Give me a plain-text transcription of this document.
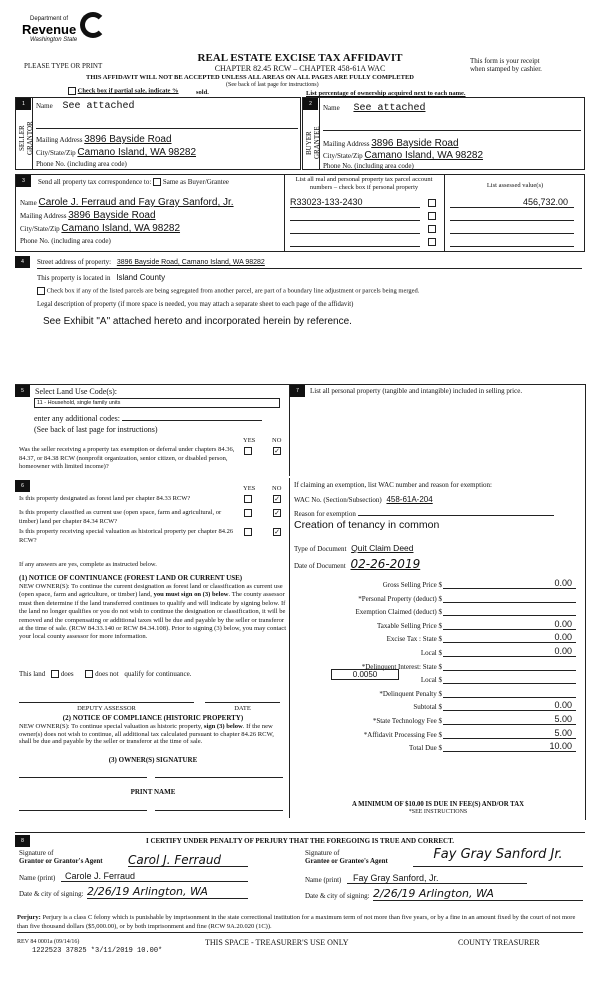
Department of
Revenue
Washington State
REAL ESTATE EXCISE TAX AFFIDAVIT
CHAPTER 82.45 RCW – CHAPTER 458-61A WAC
PLEASE TYPE OR PRINT
This form is your receipt
when stamped by cashier.
THIS AFFIDAVIT WILL NOT BE ACCEPTED UNLESS ALL AREAS ON ALL PAGES ARE FULLY COMPLETED
(See back of last page for instructions)
Check box if partial sale, indicate %	sold.	List percentage of ownership acquired next to each name.
1
SELLER GRANTOR
Name See attached
Mailing Address 3896 Bayside Road
City/State/Zip Camano Island, WA 98282
Phone No. (including area code)
2
BUYER GRANTEE
Name See attached
Mailing Address 3896 Bayside Road
City/State/Zip Camano Island, WA 98282
Phone No. (including area code)
3	Send all property tax correspondence to: Same as Buyer/Grantee
Name Carole J. Ferraud and Fay Gray Sanford, Jr.
Mailing Address 3896 Bayside Road
City/State/Zip Camano Island, WA 98282
Phone No. (including area code)
List all real and personal property tax parcel account numbers – check box if personal property	List assessed value(s)
R33023-133-2430	456,732.00
4	Street address of property: 3896 Bayside Road, Camano Island, WA 98282
This property is located in Island County
Check box if any of the listed parcels are being segregated from another parcel, are part of a boundary line adjustment or parcels being merged.
Legal description of property (if more space is needed, you may attach a separate sheet to each page of the affidavit)
See Exhibit "A" attached hereto and incorporated herein by reference.
5	Select Land Use Code(s):
11 - Household, single family units
enter any additional codes:
(See back of last page for instructions)
YES	NO
Was the seller receiving a property tax exemption or deferral under chapters 84.36, 84.37, or 84.38 RCW (nonprofit organization, senior citizen, or disabled person, homeowner with limited income)?
✓
6	YES	NO
Is this property designated as forest land per chapter 84.33 RCW?	✓
Is this property classified as current use (open space, farm and agricultural, or timber) land per chapter 84.34 RCW?
✓
Is this property receiving special valuation as historical property per chapter 84.26 RCW?
✓
If any answers are yes, complete as instructed below.
(1) NOTICE OF CONTINUANCE (FOREST LAND OR CURRENT USE)
NEW OWNER(S): To continue the current designation as forest land or classification as current use (open space, farm and agriculture, or timber) land, you must sign on (3) below. The county assessor must then determine if the land transferred continues to qualify and will indicate by signing below. If the land no longer qualifies or you do not wish to continue the designation or classification, it will be removed and the compensating or additional taxes will be due and payable by the seller or transferor at the time of sale. (RCW 84.33.140 or RCW 84.34.108). Prior to signing (3) below, you may contact your local county assessor for more information.
This land does	does not qualify for continuance.
DEPUTY ASSESSOR	DATE
(2) NOTICE OF COMPLIANCE (HISTORIC PROPERTY)
NEW OWNER(S): To continue special valuation as historic property, sign (3) below. If the new owner(s) does not wish to continue, all additional tax calculated pursuant to chapter 84.26 RCW, shall be due and payable by the seller or transferor at the time of sale.
(3) OWNER(S) SIGNATURE
PRINT NAME
7	List all personal property (tangible and intangible) included in selling price.
If claiming an exemption, list WAC number and reason for exemption:
WAC No. (Section/Subsection) 458-61A-204
Reason for exemption
Creation of tenancy in common
Type of Document Quit Claim Deed
Date of Document 02-26-2019
Gross Selling Price $	0.00
*Personal Property (deduct) $
Exemption Claimed (deduct) $
Taxable Selling Price $	0.00
Excise Tax : State $	0.00
Local $	0.00
*Delinquent Interest: State $
Local $
*Delinquent Penalty $
Subtotal $	0.00
*State Technology Fee $	5.00
*Affidavit Processing Fee $	5.00
Total Due $	10.00
0.0050
A MINIMUM OF $10.00 IS DUE IN FEE(S) AND/OR TAX
*SEE INSTRUCTIONS
8	I CERTIFY UNDER PENALTY OF PERJURY THAT THE FOREGOING IS TRUE AND CORRECT.
Signature of
Grantor or Grantor's Agent Carol J. Ferraud
Name (print)	Carole J. Ferraud
Date & city of signing: 2/26/19 Arlington, WA
Signature of
Grantee or Grantee's Agent	Fay Gray Sanford Jr.
Name (print)	Fay Gray Sanford, Jr.
Date & city of signing: 2/26/19 Arlington, WA
Perjury: Perjury is a class C felony which is punishable by imprisonment in the state correctional institution for a maximum term of not more than five years, or by a fine in an amount fixed by the court of not more than five thousand dollars ($5,000.00), or by both imprisonment and fine (RCW 9A.20.020 (1C)).
REV 84 0001a (09/14/16)	THIS SPACE - TREASURER'S USE ONLY	COUNTY TREASURER
1222523 37825 *3/11/2019 10.00*
